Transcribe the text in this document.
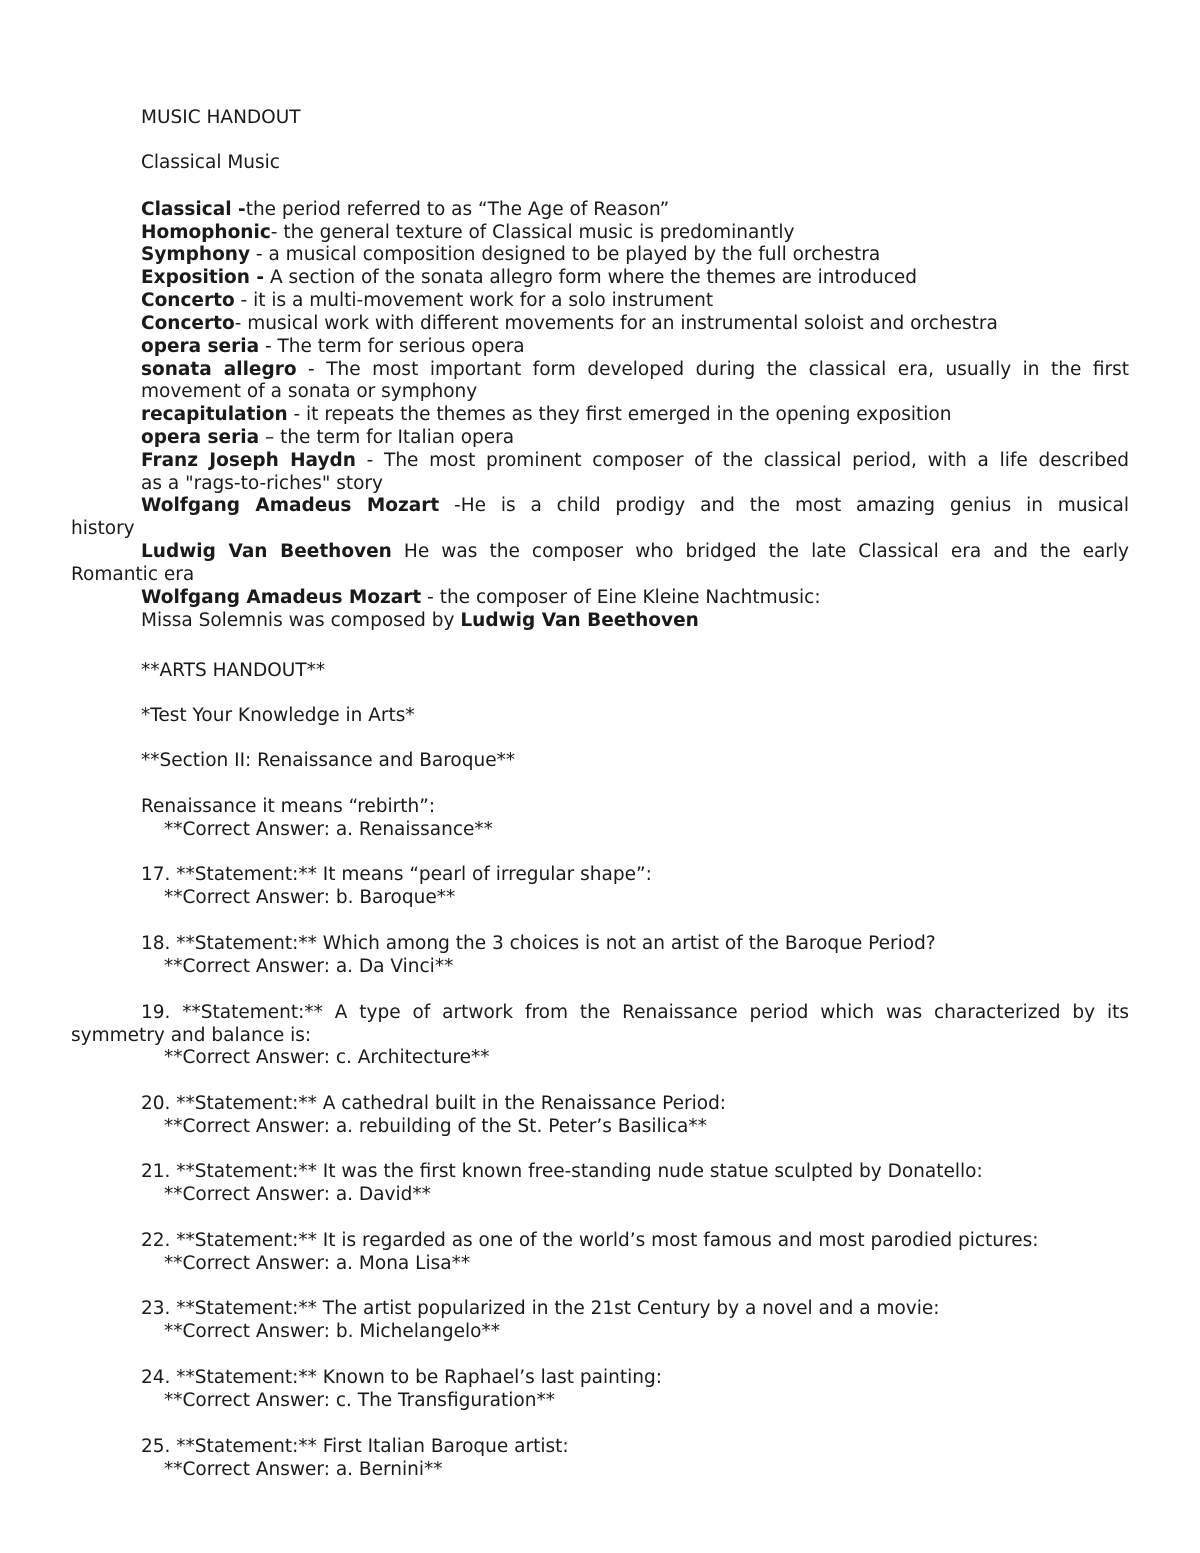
MUSIC HANDOUT
Classical Music
Classical -the period referred to as “The Age of Reason”
Homophonic- the general texture of Classical music is predominantly
Symphony - a musical composition designed to be played by the full orchestra
Exposition - A section of the sonata allegro form where the themes are introduced
Concerto - it is a multi-movement work for a solo instrument
Concerto- musical work with different movements for an instrumental soloist and orchestra
opera seria - The term for serious opera
sonata allegro - The most important form developed during the classical era, usually in the first
movement of a sonata or symphony
recapitulation - it repeats the themes as they first emerged in the opening exposition
opera seria – the term for Italian opera
Franz Joseph Haydn - The most prominent composer of the classical period, with a life described
as a "rags-to-riches" story
Wolfgang Amadeus Mozart -He is a child prodigy and the most amazing genius in musical
history
Ludwig Van Beethoven He was the composer who bridged the late Classical era and the early
Romantic era
Wolfgang Amadeus Mozart - the composer of Eine Kleine Nachtmusic:
Missa Solemnis was composed by Ludwig Van Beethoven
**ARTS HANDOUT**
*Test Your Knowledge in Arts*
**Section II: Renaissance and Baroque**
Renaissance it means “rebirth”:
**Correct Answer: a. Renaissance**
17. **Statement:** It means “pearl of irregular shape”:
**Correct Answer: b. Baroque**
18. **Statement:** Which among the 3 choices is not an artist of the Baroque Period?
**Correct Answer: a. Da Vinci**
19. **Statement:** A type of artwork from the Renaissance period which was characterized by its
symmetry and balance is:
**Correct Answer: c. Architecture**
20. **Statement:** A cathedral built in the Renaissance Period:
**Correct Answer: a. rebuilding of the St. Peter’s Basilica**
21. **Statement:** It was the first known free-standing nude statue sculpted by Donatello:
**Correct Answer: a. David**
22. **Statement:** It is regarded as one of the world’s most famous and most parodied pictures:
**Correct Answer: a. Mona Lisa**
23. **Statement:** The artist popularized in the 21st Century by a novel and a movie:
**Correct Answer: b. Michelangelo**
24. **Statement:** Known to be Raphael’s last painting:
**Correct Answer: c. The Transfiguration**
25. **Statement:** First Italian Baroque artist:
**Correct Answer: a. Bernini**
